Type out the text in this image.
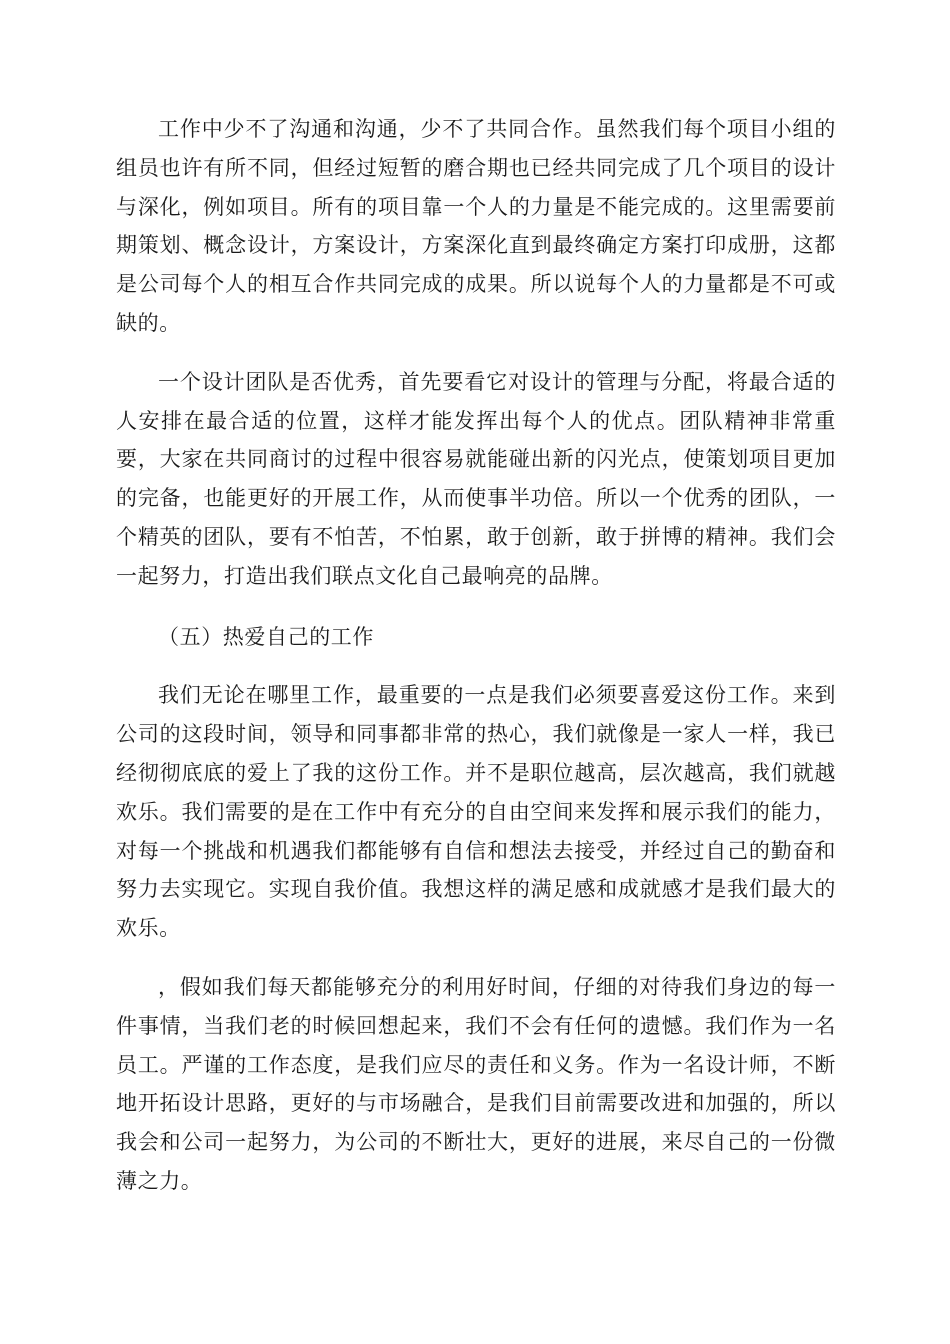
工作中少不了沟通和沟通，少不了共同合作。虽然我们每个项目小组的组员也许有所不同，但经过短暂的磨合期也已经共同完成了几个项目的设计与深化，例如项目。所有的项目靠一个人的力量是不能完成的。这里需要前期策划、概念设计，方案设计，方案深化直到最终确定方案打印成册，这都是公司每个人的相互合作共同完成的成果。所以说每个人的力量都是不可或缺的。

一个设计团队是否优秀，首先要看它对设计的管理与分配，将最合适的人安排在最合适的位置，这样才能发挥出每个人的优点。团队精神非常重要，大家在共同商讨的过程中很容易就能碰出新的闪光点，使策划项目更加的完备，也能更好的开展工作，从而使事半功倍。所以一个优秀的团队，一个精英的团队，要有不怕苦，不怕累，敢于创新，敢于拼博的精神。我们会一起努力，打造出我们联点文化自己最响亮的品牌。

（五）热爱自己的工作

我们无论在哪里工作，最重要的一点是我们必须要喜爱这份工作。来到公司的这段时间，领导和同事都非常的热心，我们就像是一家人一样，我已经彻彻底底的爱上了我的这份工作。并不是职位越高，层次越高，我们就越欢乐。我们需要的是在工作中有充分的自由空间来发挥和展示我们的能力，对每一个挑战和机遇我们都能够有自信和想法去接受，并经过自己的勤奋和努力去实现它。实现自我价值。我想这样的满足感和成就感才是我们最大的欢乐。

，假如我们每天都能够充分的利用好时间，仔细的对待我们身边的每一件事情，当我们老的时候回想起来，我们不会有任何的遗憾。我们作为一名员工。严谨的工作态度，是我们应尽的责任和义务。作为一名设计师，不断地开拓设计思路，更好的与市场融合，是我们目前需要改进和加强的，所以我会和公司一起努力，为公司的不断壮大，更好的进展，来尽自己的一份微薄之力。
